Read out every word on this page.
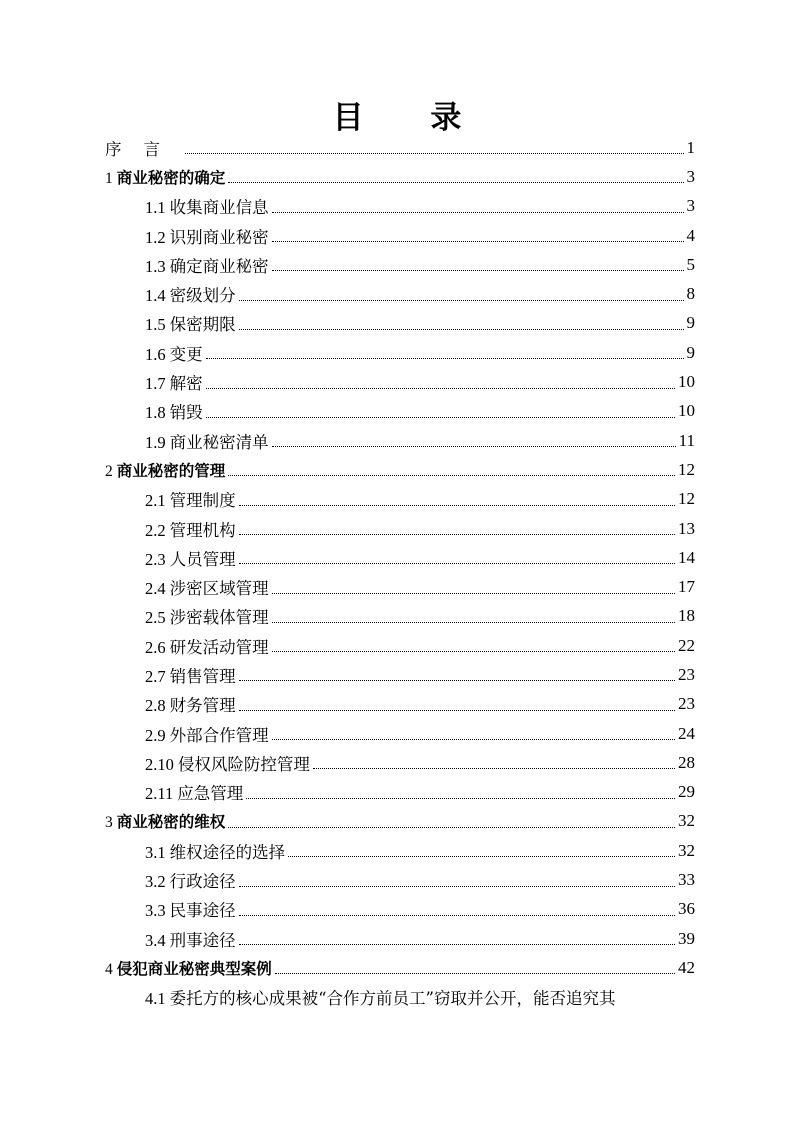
目 录
序言	1
1 商业秘密的确定	3
1.1 收集商业信息	3
1.2 识别商业秘密	4
1.3 确定商业秘密	5
1.4 密级划分	8
1.5 保密期限	9
1.6 变更	9
1.7 解密	10
1.8 销毁	10
1.9 商业秘密清单	11
2 商业秘密的管理	12
2.1 管理制度	12
2.2 管理机构	13
2.3 人员管理	14
2.4 涉密区域管理	17
2.5 涉密载体管理	18
2.6 研发活动管理	22
2.7 销售管理	23
2.8 财务管理	23
2.9 外部合作管理	24
2.10 侵权风险防控管理	28
2.11 应急管理	29
3 商业秘密的维权	32
3.1 维权途径的选择	32
3.2 行政途径	33
3.3 民事途径	36
3.4 刑事途径	39
4 侵犯商业秘密典型案例	42
4.1 委托方的核心成果被“合作方前员工”窃取并公开，能否追究其
